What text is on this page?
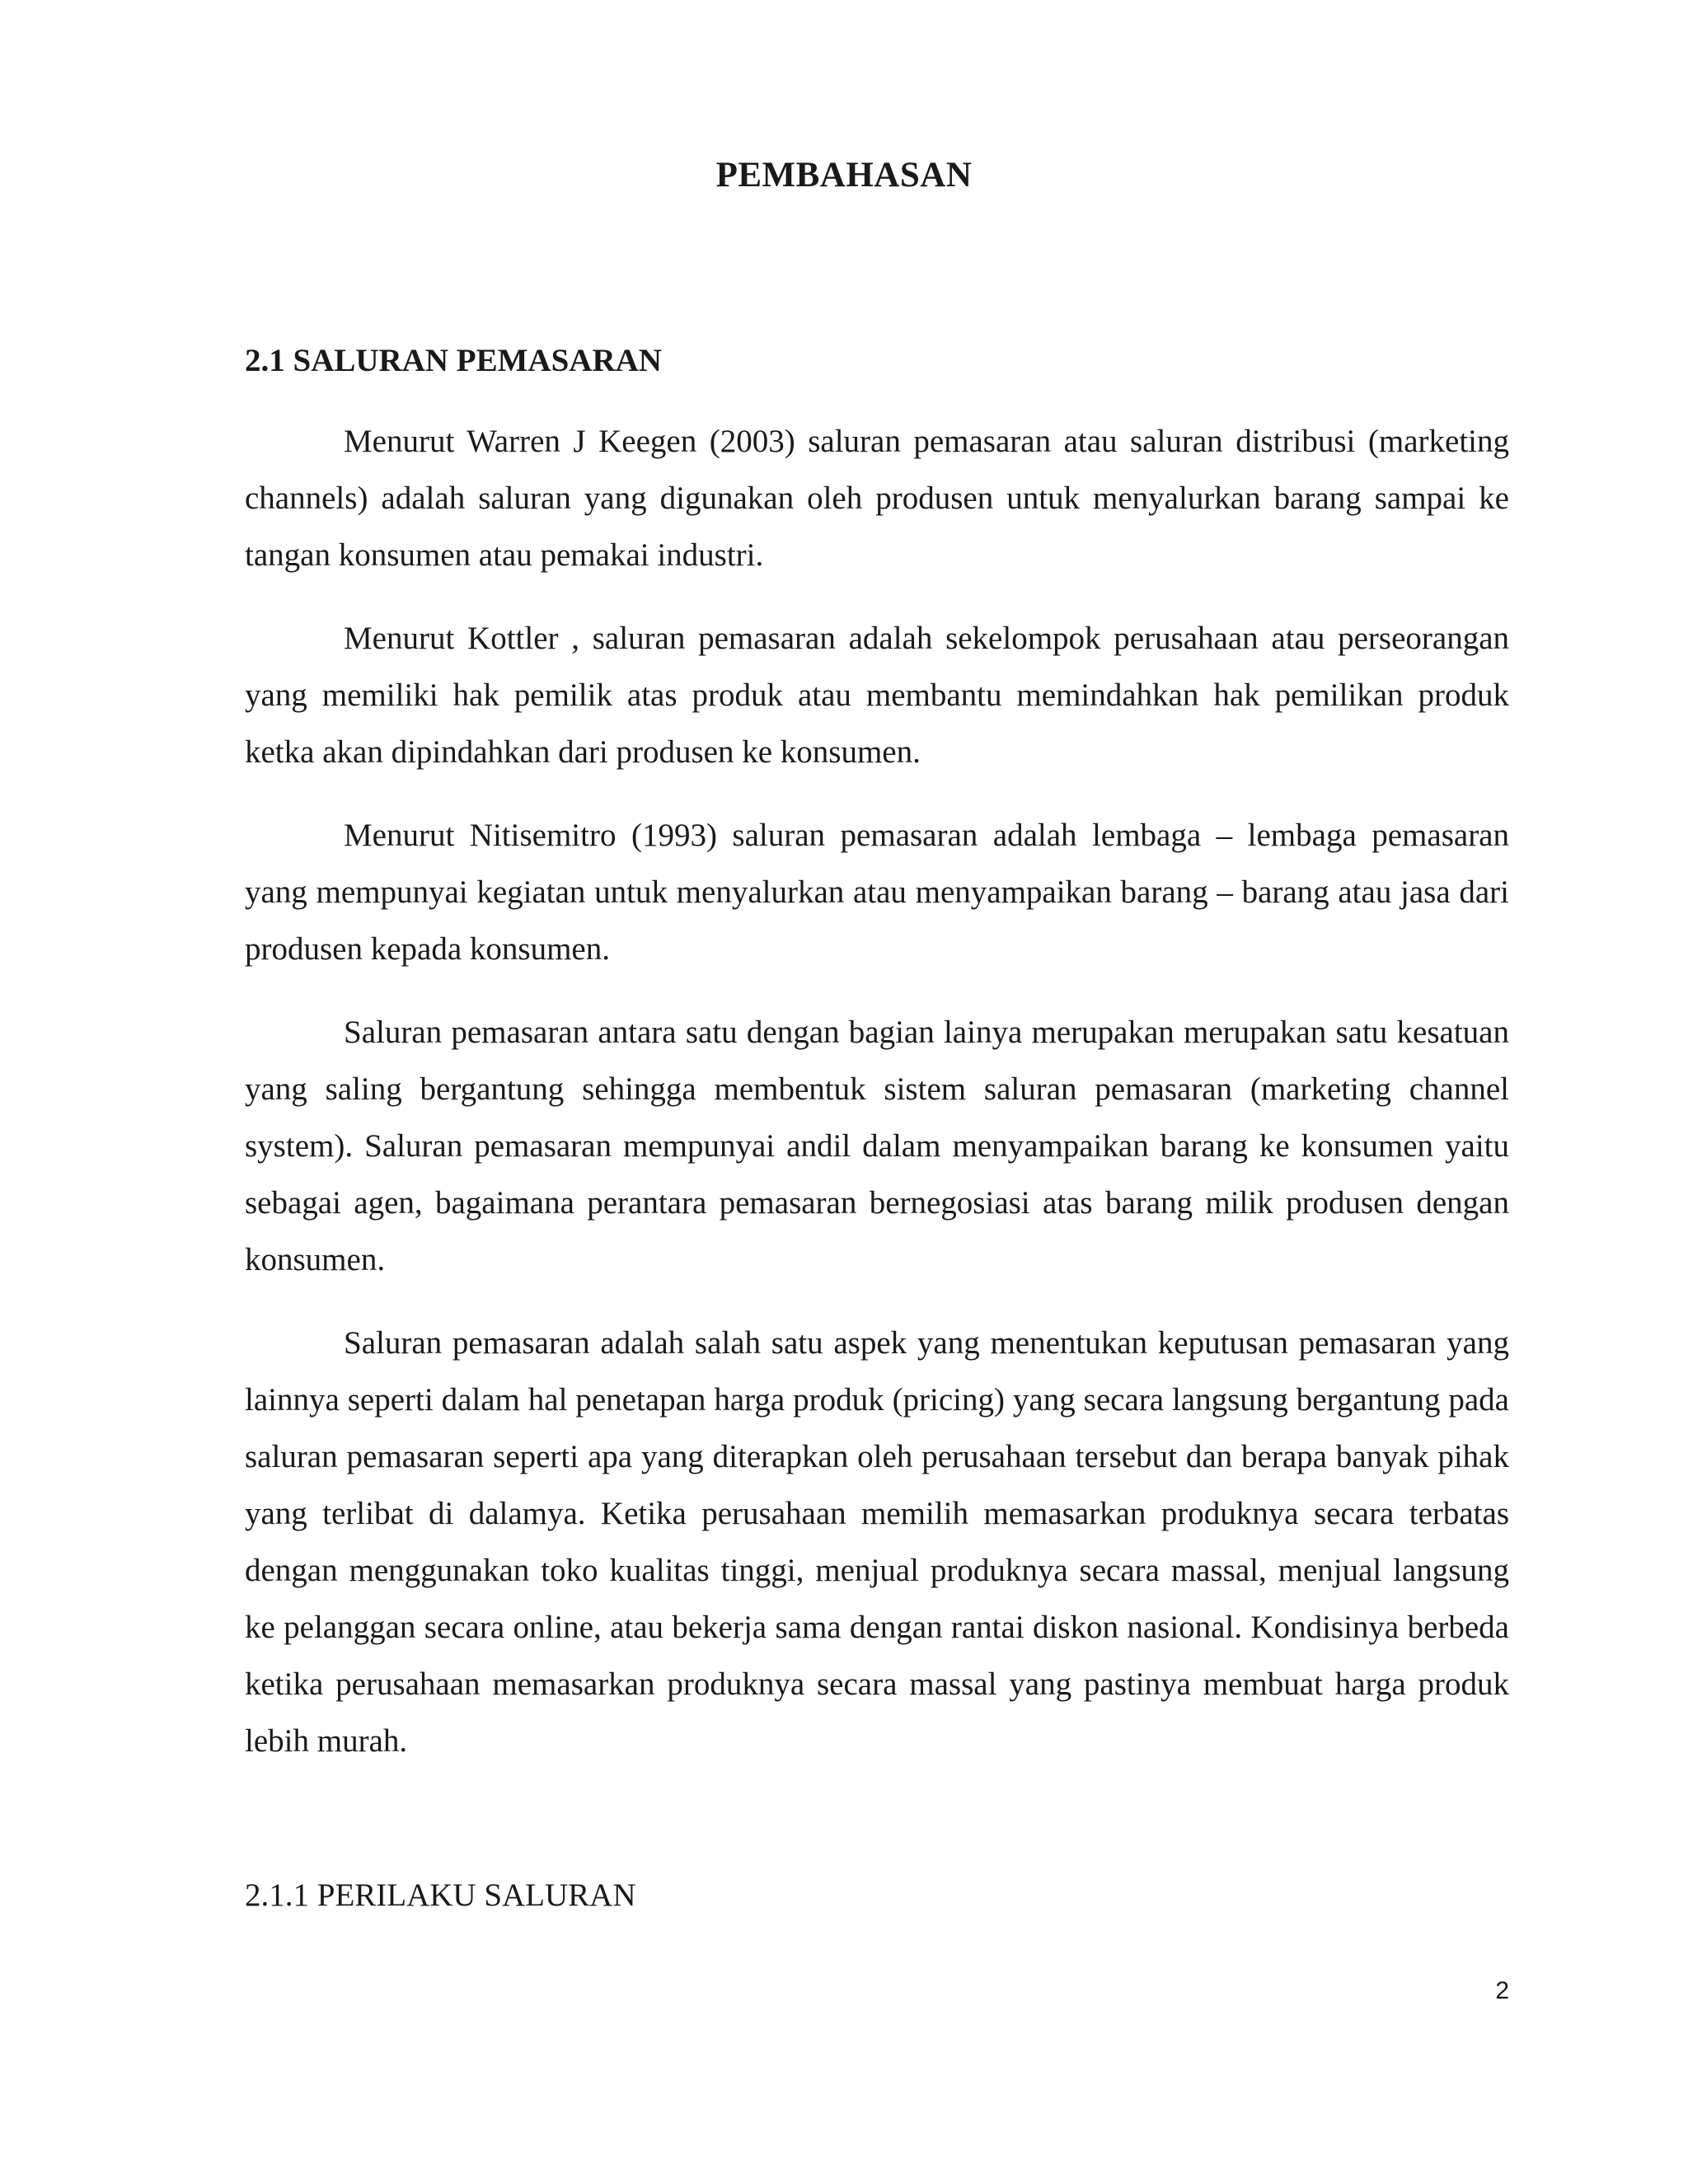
PEMBAHASAN
2.1 SALURAN PEMASARAN

Menurut Warren J Keegen (2003) saluran pemasaran atau saluran distribusi (marketing channels) adalah saluran yang digunakan oleh produsen untuk menyalurkan barang sampai ke tangan konsumen atau pemakai industri.

Menurut Kottler , saluran pemasaran adalah sekelompok perusahaan atau perseorangan yang memiliki hak pemilik atas produk atau membantu memindahkan hak pemilikan produk ketka akan dipindahkan dari produsen ke konsumen.

Menurut Nitisemitro (1993) saluran pemasaran adalah lembaga – lembaga pemasaran yang mempunyai kegiatan untuk menyalurkan atau menyampaikan barang – barang atau jasa dari produsen kepada konsumen.

Saluran pemasaran antara satu dengan bagian lainya merupakan merupakan satu kesatuan yang saling bergantung sehingga membentuk sistem saluran pemasaran (marketing channel system). Saluran pemasaran mempunyai andil dalam menyampaikan barang ke konsumen yaitu sebagai agen, bagaimana perantara pemasaran bernegosiasi atas barang milik produsen dengan konsumen.

Saluran pemasaran adalah salah satu aspek yang menentukan keputusan pemasaran yang lainnya seperti dalam hal penetapan harga produk (pricing) yang secara langsung bergantung pada saluran pemasaran seperti apa yang diterapkan oleh perusahaan tersebut dan berapa banyak pihak yang terlibat di dalamya. Ketika perusahaan memilih memasarkan produknya secara terbatas dengan menggunakan toko kualitas tinggi, menjual produknya secara massal, menjual langsung ke pelanggan secara online, atau bekerja sama dengan rantai diskon nasional. Kondisinya berbeda ketika perusahaan memasarkan produknya secara massal yang pastinya membuat harga produk lebih murah.

2.1.1 PERILAKU SALURAN
2
